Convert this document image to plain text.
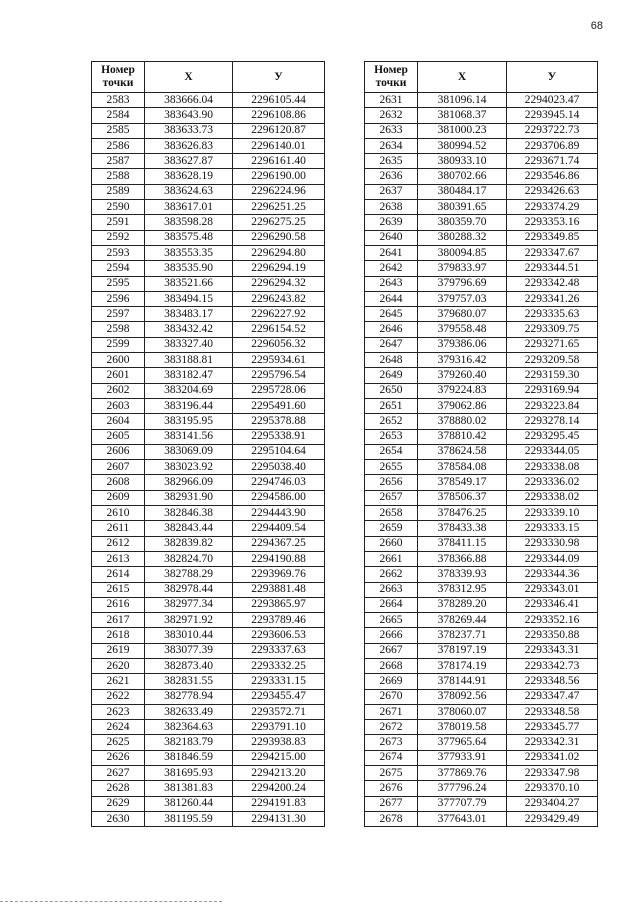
68
Номер
точки	X	У
2583	383666.04	2296105.44
2584	383643.90	2296108.86
2585	383633.73	2296120.87
2586	383626.83	2296140.01
2587	383627.87	2296161.40
2588	383628.19	2296190.00
2589	383624.63	2296224.96
2590	383617.01	2296251.25
2591	383598.28	2296275.25
2592	383575.48	2296290.58
2593	383553.35	2296294.80
2594	383535.90	2296294.19
2595	383521.66	2296294.32
2596	383494.15	2296243.82
2597	383483.17	2296227.92
2598	383432.42	2296154.52
2599	383327.40	2296056.32
2600	383188.81	2295934.61
2601	383182.47	2295796.54
2602	383204.69	2295728.06
2603	383196.44	2295491.60
2604	383195.95	2295378.88
2605	383141.56	2295338.91
2606	383069.09	2295104.64
2607	383023.92	2295038.40
2608	382966.09	2294746.03
2609	382931.90	2294586.00
2610	382846.38	2294443.90
2611	382843.44	2294409.54
2612	382839.82	2294367.25
2613	382824.70	2294190.88
2614	382788.29	2293969.76
2615	382978.44	2293881.48
2616	382977.34	2293865.97
2617	382971.92	2293789.46
2618	383010.44	2293606.53
2619	383077.39	2293337.63
2620	382873.40	2293332.25
2621	382831.55	2293331.15
2622	382778.94	2293455.47
2623	382633.49	2293572.71
2624	382364.63	2293791.10
2625	382183.79	2293938.83
2626	381846.59	2294215.00
2627	381695.93	2294213.20
2628	381381.83	2294200.24
2629	381260.44	2294191.83
2630	381195.59	2294131.30
Номер
точки	X	У
2631	381096.14	2294023.47
2632	381068.37	2293945.14
2633	381000.23	2293722.73
2634	380994.52	2293706.89
2635	380933.10	2293671.74
2636	380702.66	2293546.86
2637	380484.17	2293426.63
2638	380391.65	2293374.29
2639	380359.70	2293353.16
2640	380288.32	2293349.85
2641	380094.85	2293347.67
2642	379833.97	2293344.51
2643	379796.69	2293342.48
2644	379757.03	2293341.26
2645	379680.07	2293335.63
2646	379558.48	2293309.75
2647	379386.06	2293271.65
2648	379316.42	2293209.58
2649	379260.40	2293159.30
2650	379224.83	2293169.94
2651	379062.86	2293223.84
2652	378880.02	2293278.14
2653	378810.42	2293295.45
2654	378624.58	2293344.05
2655	378584.08	2293338.08
2656	378549.17	2293336.02
2657	378506.37	2293338.02
2658	378476.25	2293339.10
2659	378433.38	2293333.15
2660	378411.15	2293330.98
2661	378366.88	2293344.09
2662	378339.93	2293344.36
2663	378312.95	2293343.01
2664	378289.20	2293346.41
2665	378269.44	2293352.16
2666	378237.71	2293350.88
2667	378197.19	2293343.31
2668	378174.19	2293342.73
2669	378144.91	2293348.56
2670	378092.56	2293347.47
2671	378060.07	2293348.58
2672	378019.58	2293345.77
2673	377965.64	2293342.31
2674	377933.91	2293341.02
2675	377869.76	2293347.98
2676	377796.24	2293370.10
2677	377707.79	2293404.27
2678	377643.01	2293429.49
